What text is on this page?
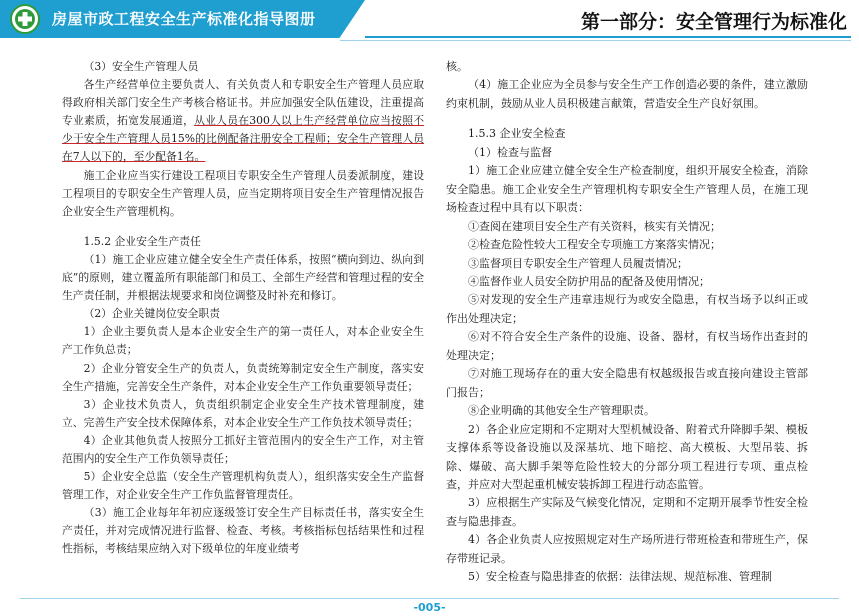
房屋市政工程安全生产标准化指导图册	第一部分：安全管理行为标准化

（3）安全生产管理人员

各生产经营单位主要负责人、有关负责人和专职安全生产管理人员应取得政府相关部门安全生产考核合格证书。并应加强安全队伍建设，注重提高专业素质，拓宽发展通道，从业人员在300人以上生产经营单位应当按照不少于安全生产管理人员15%的比例配备注册安全工程师；安全生产管理人员在7人以下的，至少配备1名。

施工企业应当实行建设工程项目专职安全生产管理人员委派制度，建设工程项目的专职安全生产管理人员，应当定期将项目安全生产管理情况报告企业安全生产管理机构。

1.5.2 企业安全生产责任

（1）施工企业应建立健全安全生产责任体系，按照“横向到边、纵向到底”的原则，建立覆盖所有职能部门和员工、全部生产经营和管理过程的安全生产责任制，并根据法规要求和岗位调整及时补充和修订。

（2）企业关键岗位安全职责

1）企业主要负责人是本企业安全生产的第一责任人，对本企业安全生产工作负总责；

2）企业分管安全生产的负责人，负责统筹制定安全生产制度，落实安全生产措施，完善安全生产条件，对本企业安全生产工作负重要领导责任；

3）企业技术负责人，负责组织制定企业安全生产技术管理制度，建立、完善生产安全技术保障体系，对本企业安全生产工作负技术领导责任；

4）企业其他负责人按照分工抓好主管范围内的安全生产工作，对主管范围内的安全生产工作负领导责任；

5）企业安全总监（安全生产管理机构负责人），组织落实安全生产监督管理工作，对企业安全生产工作负监督管理责任。

（3）施工企业每年年初应逐级签订安全生产目标责任书，落实安全生产责任，并对完成情况进行监督、检查、考核。考核指标包括结果性和过程性指标，考核结果应纳入对下级单位的年度业绩考

核。

（4）施工企业应为全员参与安全生产工作创造必要的条件，建立激励约束机制，鼓励从业人员积极建言献策，营造安全生产良好氛围。

1.5.3 企业安全检查

（1）检查与监督

1）施工企业应建立健全安全生产检查制度，组织开展安全检查，消除安全隐患。施工企业安全生产管理机构专职安全生产管理人员，在施工现场检查过程中具有以下职责：

①查阅在建项目安全生产有关资料，核实有关情况；

②检查危险性较大工程安全专项施工方案落实情况；

③监督项目专职安全生产管理人员履责情况；

④监督作业人员安全防护用品的配备及使用情况；

⑤对发现的安全生产违章违规行为或安全隐患，有权当场予以纠正或作出处理决定；

⑥对不符合安全生产条件的设施、设备、器材，有权当场作出查封的处理决定；

⑦对施工现场存在的重大安全隐患有权越级报告或直接向建设主管部门报告；

⑧企业明确的其他安全生产管理职责。

2）各企业应定期和不定期对大型机械设备、附着式升降脚手架、模板支撑体系等设备设施以及深基坑、地下暗挖、高大模板、大型吊装、拆除、爆破、高大脚手架等危险性较大的分部分项工程进行专项、重点检查，并应对大型起重机械安装拆卸工程进行动态监管。

3）应根据生产实际及气候变化情况，定期和不定期开展季节性安全检查与隐患排查。

4）各企业负责人应按照规定对生产场所进行带班检查和带班生产，保存带班记录。

5）安全检查与隐患排查的依据：法律法规、规范标准、管理制

-005-
